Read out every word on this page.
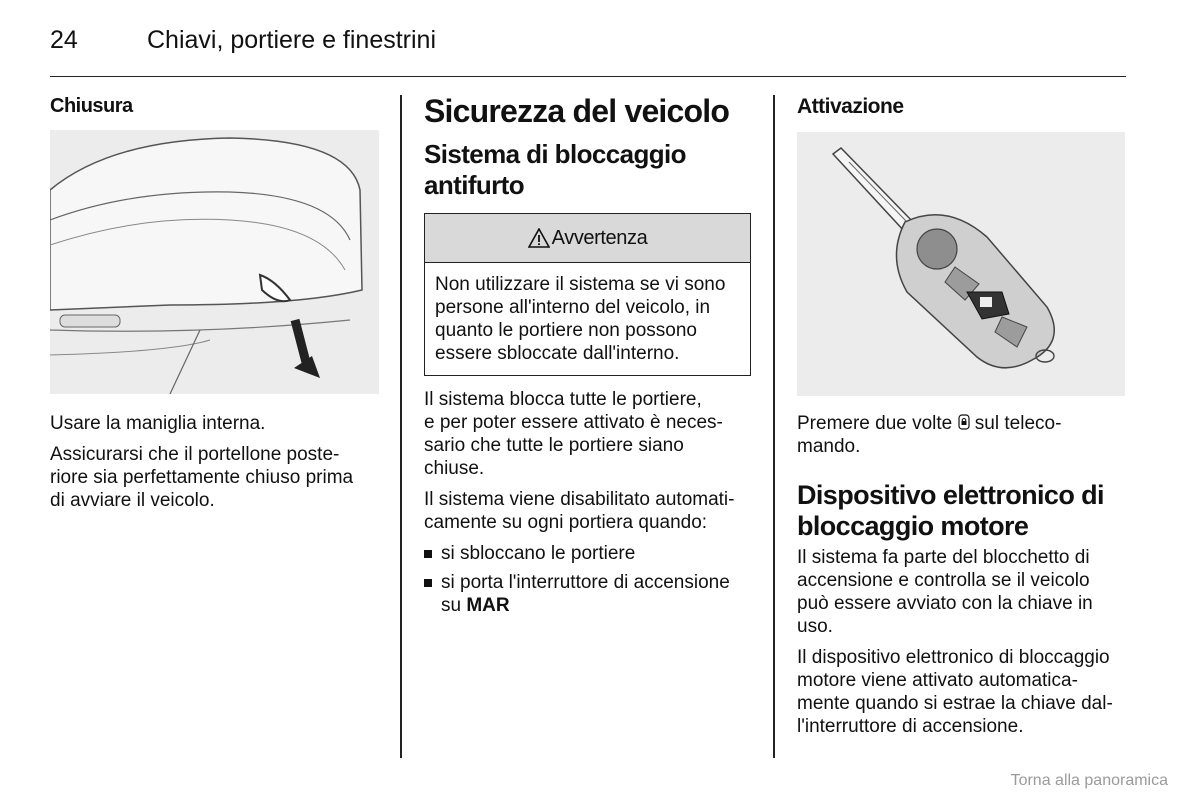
24	Chiavi, portiere e finestrini
Chiusura

Usare la maniglia interna.

Assicurarsi che il portellone poste-
riore sia perfettamente chiuso prima
di avviare il veicolo.

Sicurezza del veicolo
Sistema di bloccaggio
antifurto
Avvertenza
Non utilizzare il sistema se vi sono
persone all'interno del veicolo, in
quanto le portiere non possono
essere sbloccate dall'interno.

Il sistema blocca tutte le portiere,
e per poter essere attivato è neces-
sario che tutte le portiere siano
chiuse.

Il sistema viene disabilitato automati-
camente su ogni portiera quando:

si sbloccano le portiere
si porta l'interruttore di accensione
su MAR
Attivazione

Premere due volte  sul teleco-
mando.

Dispositivo elettronico di
bloccaggio motore

Il sistema fa parte del blocchetto di
accensione e controlla se il veicolo
può essere avviato con la chiave in
uso.

Il dispositivo elettronico di bloccaggio
motore viene attivato automatica-
mente quando si estrae la chiave dal-
l'interruttore di accensione.

Torna alla panoramica
